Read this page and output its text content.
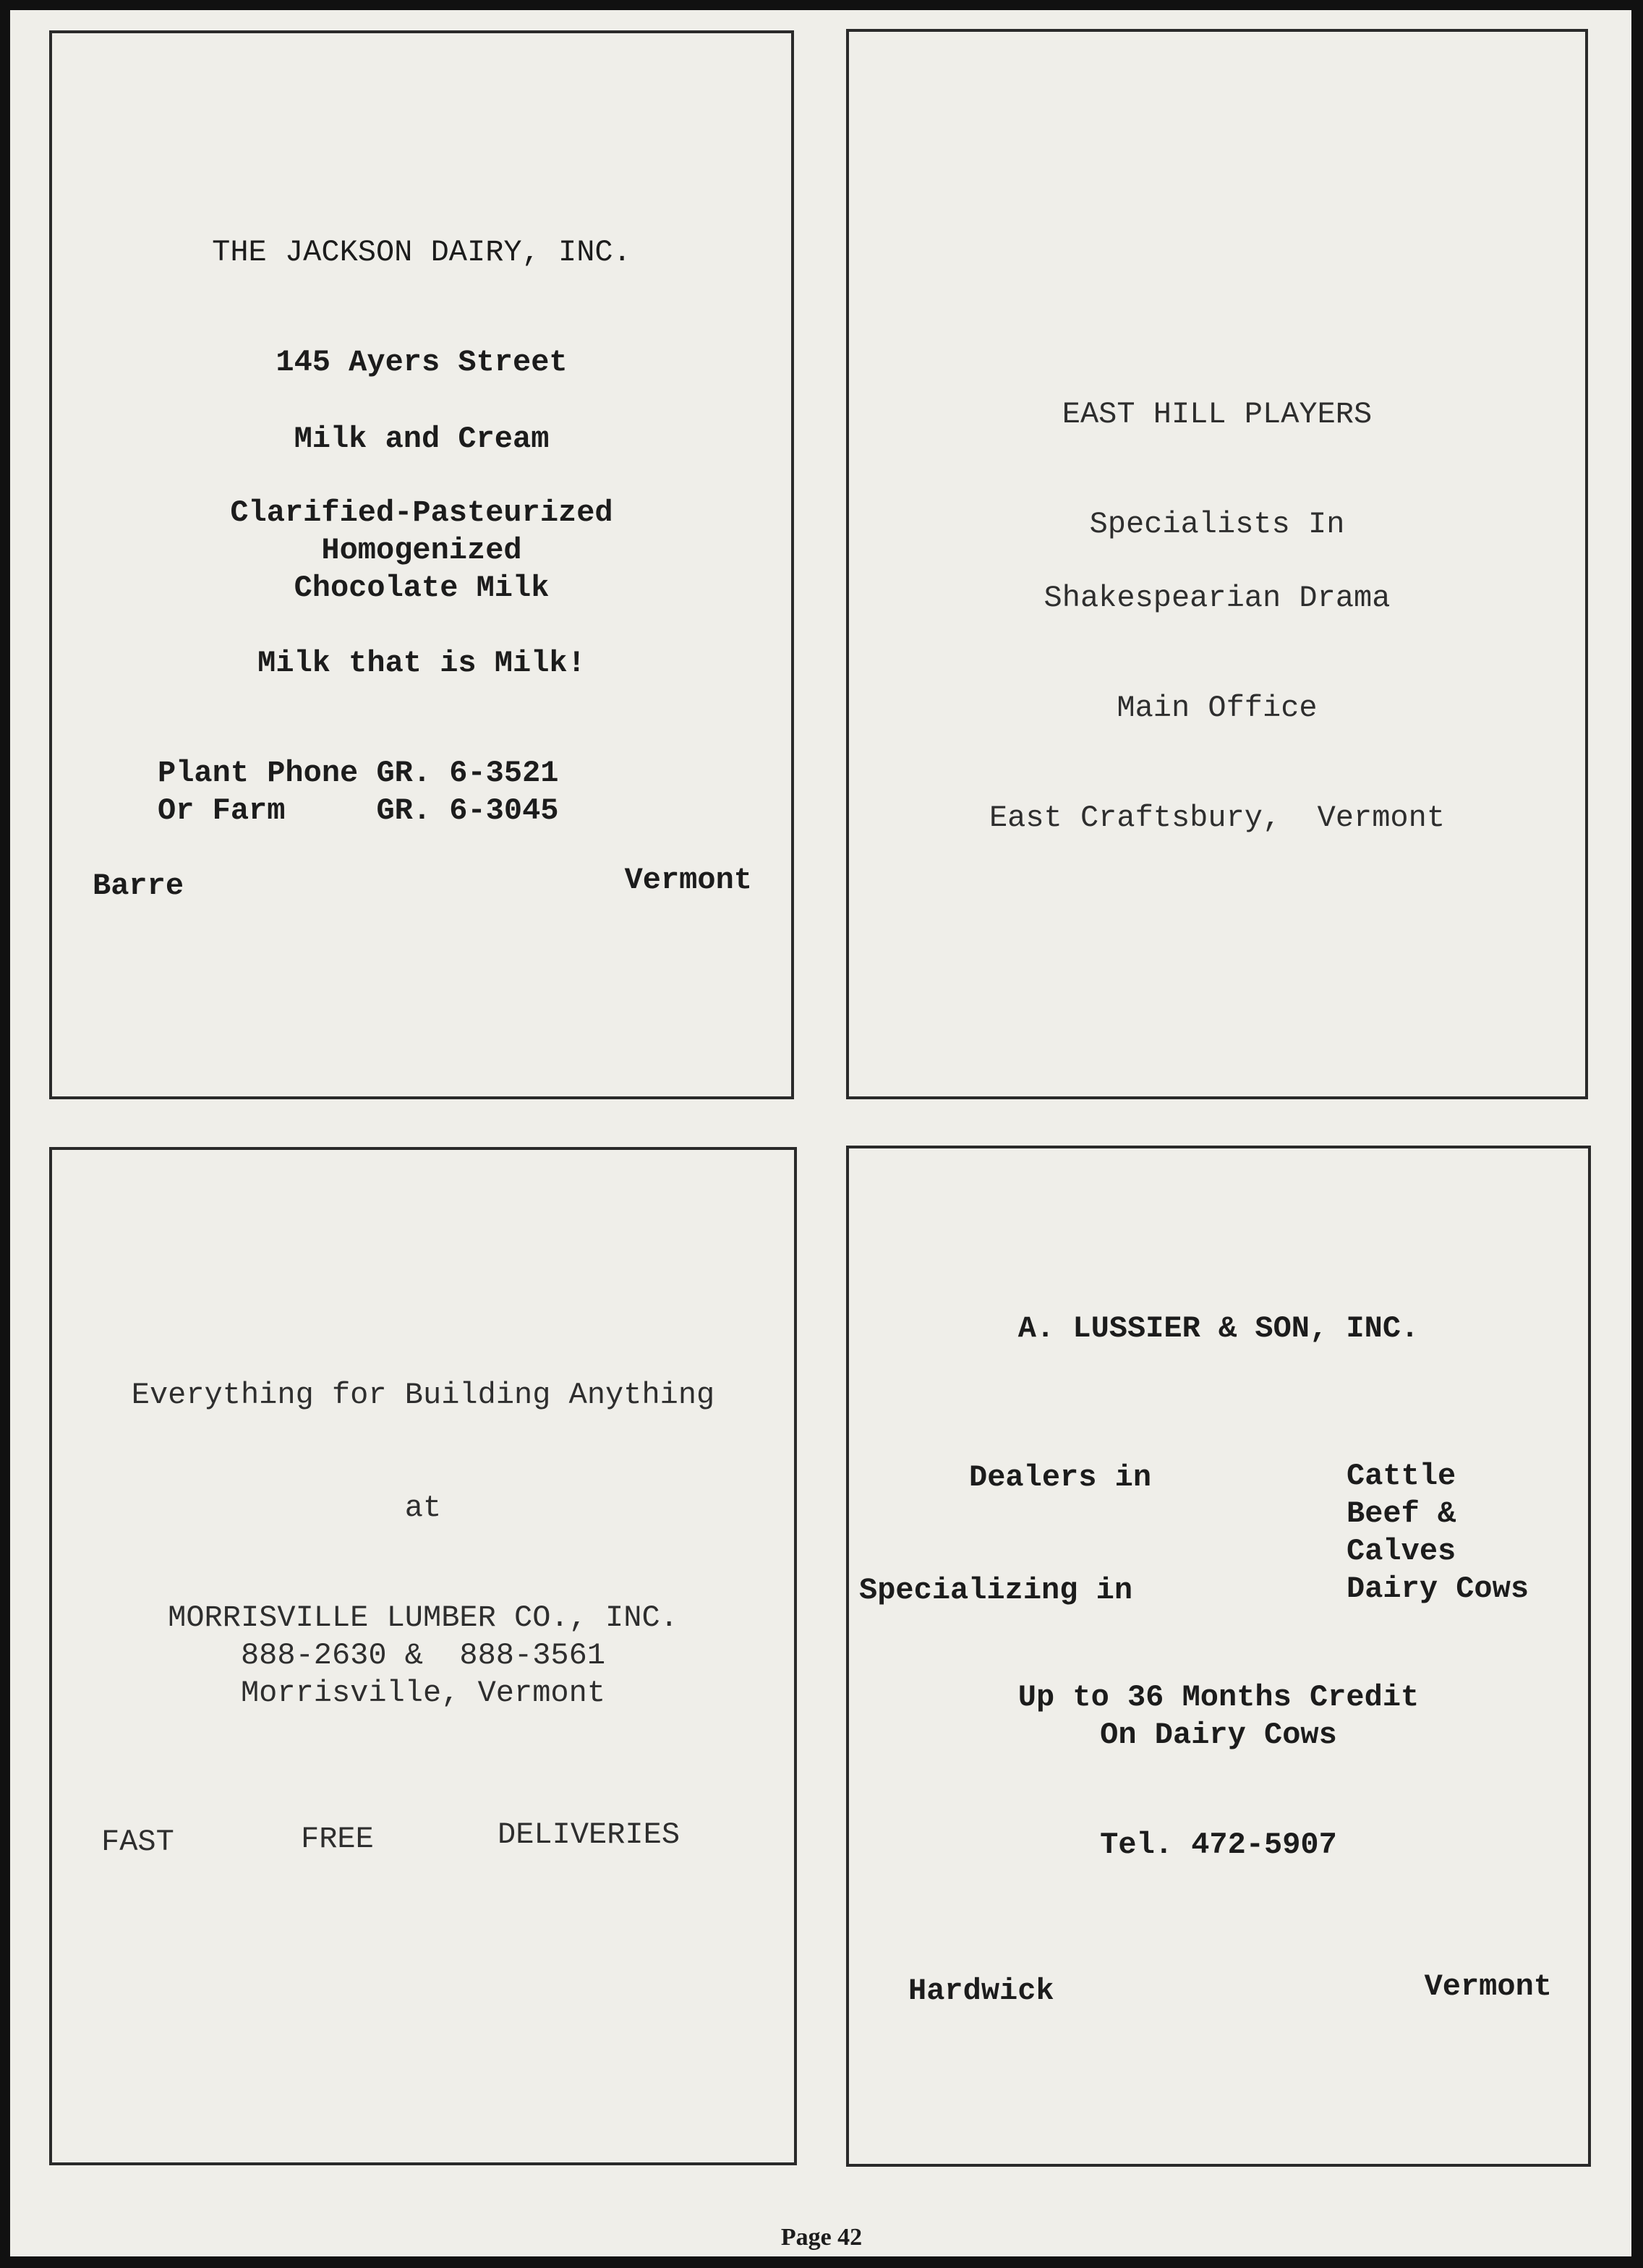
THE JACKSON DAIRY, INC.
145 Ayers Street
Milk and Cream
Clarified-Pasteurized
Homogenized
Chocolate Milk
Milk that is Milk!
Plant Phone GR. 6-3521
Or Farm     GR. 6-3045
Barre	Vermont
EAST HILL PLAYERS
Specialists In
Shakespearian Drama
Main Office
East Craftsbury,  Vermont
Everything for Building Anything
at
MORRISVILLE LUMBER CO., INC.
888-2630 &  888-3561
Morrisville, Vermont
FAST	FREE	DELIVERIES
A. LUSSIER & SON, INC.
Dealers in	Cattle
Beef &
Calves
Specializing in	Dairy Cows
Up to 36 Months Credit
On Dairy Cows
Tel. 472-5907
Hardwick	Vermont
Page 42
